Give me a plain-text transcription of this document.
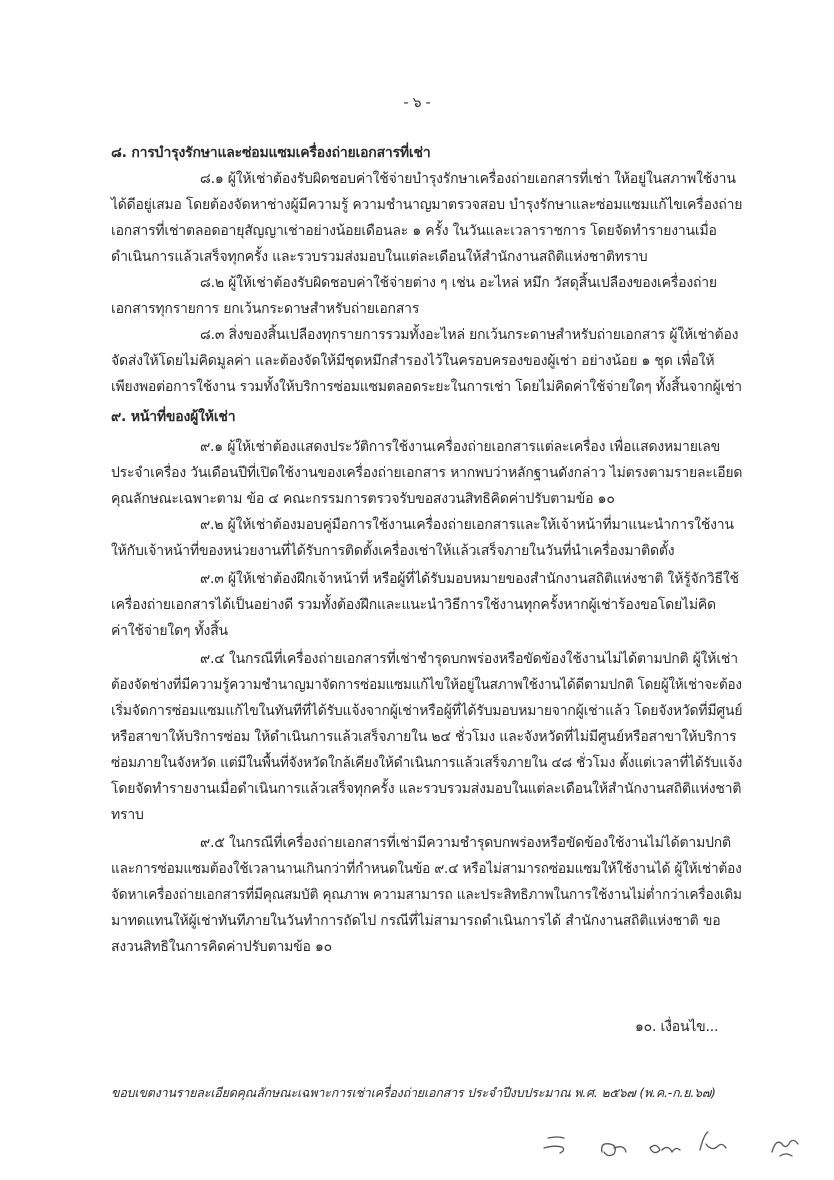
- ๖ -
๘. การบำรุงรักษาและซ่อมแซมเครื่องถ่ายเอกสารที่เช่า
๘.๑ ผู้ให้เช่าต้องรับผิดชอบค่าใช้จ่ายบำรุงรักษาเครื่องถ่ายเอกสารที่เช่า ให้อยู่ในสภาพใช้งาน
ได้ดีอยู่เสมอ โดยต้องจัดหาช่างผู้มีความรู้ ความชำนาญมาตรวจสอบ บำรุงรักษาและซ่อมแซมแก้ไขเครื่องถ่าย
เอกสารที่เช่าตลอดอายุสัญญาเช่าอย่างน้อยเดือนละ ๑ ครั้ง ในวันและเวลาราชการ โดยจัดทำรายงานเมื่อ
ดำเนินการแล้วเสร็จทุกครั้ง และรวบรวมส่งมอบในแต่ละเดือนให้สำนักงานสถิติแห่งชาติทราบ
๘.๒ ผู้ให้เช่าต้องรับผิดชอบค่าใช้จ่ายต่าง ๆ เช่น อะไหล่ หมึก วัสดุสิ้นเปลืองของเครื่องถ่าย
เอกสารทุกรายการ ยกเว้นกระดาษสำหรับถ่ายเอกสาร
๘.๓ สิ่งของสิ้นเปลืองทุกรายการรวมทั้งอะไหล่ ยกเว้นกระดาษสำหรับถ่ายเอกสาร ผู้ให้เช่าต้อง
จัดส่งให้โดยไม่คิดมูลค่า และต้องจัดให้มีชุดหมึกสำรองไว้ในครอบครองของผู้เช่า อย่างน้อย ๑ ชุด เพื่อให้
เพียงพอต่อการใช้งาน รวมทั้งให้บริการซ่อมแซมตลอดระยะในการเช่า โดยไม่คิดค่าใช้จ่ายใดๆ ทั้งสิ้นจากผู้เช่า
๙. หน้าที่ของผู้ให้เช่า
๙.๑ ผู้ให้เช่าต้องแสดงประวัติการใช้งานเครื่องถ่ายเอกสารแต่ละเครื่อง เพื่อแสดงหมายเลข
ประจำเครื่อง วันเดือนปีที่เปิดใช้งานของเครื่องถ่ายเอกสาร หากพบว่าหลักฐานดังกล่าว ไม่ตรงตามรายละเอียด
คุณลักษณะเฉพาะตาม ข้อ ๔ คณะกรรมการตรวจรับขอสงวนสิทธิคิดค่าปรับตามข้อ ๑๐
๙.๒ ผู้ให้เช่าต้องมอบคู่มือการใช้งานเครื่องถ่ายเอกสารและให้เจ้าหน้าที่มาแนะนำการใช้งาน
ให้กับเจ้าหน้าที่ของหน่วยงานที่ได้รับการติดตั้งเครื่องเช่าให้แล้วเสร็จภายในวันที่นำเครื่องมาติดตั้ง
๙.๓ ผู้ให้เช่าต้องฝึกเจ้าหน้าที่ หรือผู้ที่ได้รับมอบหมายของสำนักงานสถิติแห่งชาติ ให้รู้จักวิธีใช้
เครื่องถ่ายเอกสารได้เป็นอย่างดี รวมทั้งต้องฝึกและแนะนำวิธีการใช้งานทุกครั้งหากผู้เช่าร้องขอโดยไม่คิด
ค่าใช้จ่ายใดๆ ทั้งสิ้น
๙.๔ ในกรณีที่เครื่องถ่ายเอกสารที่เช่าชำรุดบกพร่องหรือขัดข้องใช้งานไม่ได้ตามปกติ ผู้ให้เช่า
ต้องจัดช่างที่มีความรู้ความชำนาญมาจัดการซ่อมแซมแก้ไขให้อยู่ในสภาพใช้งานได้ดีตามปกติ โดยผู้ให้เช่าจะต้อง
เริ่มจัดการซ่อมแซมแก้ไขในทันทีที่ได้รับแจ้งจากผู้เช่าหรือผู้ที่ได้รับมอบหมายจากผู้เช่าแล้ว โดยจังหวัดที่มีศูนย์
หรือสาขาให้บริการซ่อม ให้ดำเนินการแล้วเสร็จภายใน ๒๔ ชั่วโมง และจังหวัดที่ไม่มีศูนย์หรือสาขาให้บริการ
ซ่อมภายในจังหวัด แต่มีในพื้นที่จังหวัดใกล้เคียงให้ดำเนินการแล้วเสร็จภายใน ๔๘ ชั่วโมง ตั้งแต่เวลาที่ได้รับแจ้ง
โดยจัดทำรายงานเมื่อดำเนินการแล้วเสร็จทุกครั้ง และรวบรวมส่งมอบในแต่ละเดือนให้สำนักงานสถิติแห่งชาติ
ทราบ
๙.๕ ในกรณีที่เครื่องถ่ายเอกสารที่เช่ามีความชำรุดบกพร่องหรือขัดข้องใช้งานไม่ได้ตามปกติ
และการซ่อมแซมต้องใช้เวลานานเกินกว่าที่กำหนดในข้อ ๙.๔ หรือไม่สามารถซ่อมแซมให้ใช้งานได้ ผู้ให้เช่าต้อง
จัดหาเครื่องถ่ายเอกสารที่มีคุณสมบัติ คุณภาพ ความสามารถ และประสิทธิภาพในการใช้งานไม่ต่ำกว่าเครื่องเดิม
มาทดแทนให้ผู้เช่าทันทีภายในวันทำการถัดไป กรณีที่ไม่สามารถดำเนินการได้ สำนักงานสถิติแห่งชาติ ขอ
สงวนสิทธิในการคิดค่าปรับตามข้อ ๑๐
๑๐. เงื่อนไข...
ขอบเขตงานรายละเอียดคุณลักษณะเฉพาะการเช่าเครื่องถ่ายเอกสาร ประจำปีงบประมาณ พ.ศ. ๒๕๖๗ (พ.ค.-ก.ย.๖๗)
